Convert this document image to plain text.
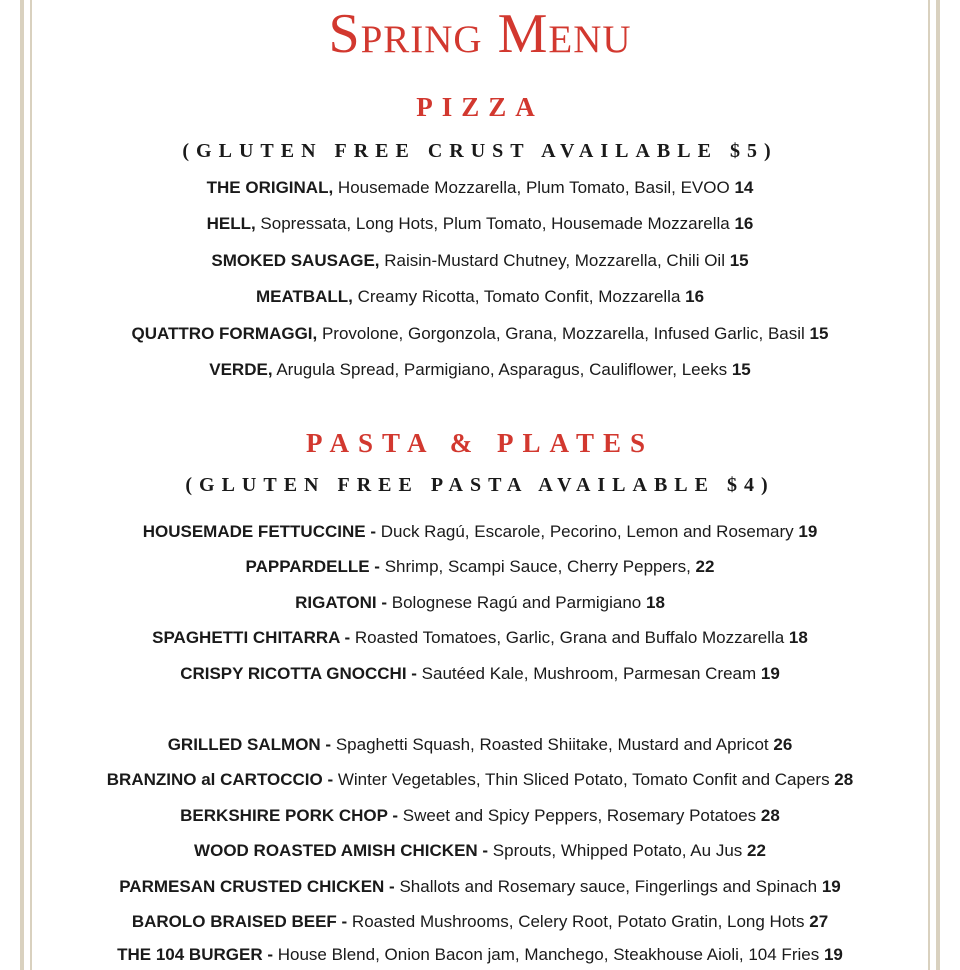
Spring Menu
PIZZA
(GLUTEN FREE CRUST AVAILABLE $5)
THE ORIGINAL, Housemade Mozzarella, Plum Tomato, Basil, EVOO 14
HELL, Sopressata, Long Hots, Plum Tomato, Housemade Mozzarella 16
SMOKED SAUSAGE, Raisin-Mustard Chutney, Mozzarella, Chili Oil 15
MEATBALL, Creamy Ricotta, Tomato Confit, Mozzarella 16
QUATTRO FORMAGGI, Provolone, Gorgonzola, Grana, Mozzarella, Infused Garlic, Basil 15
VERDE, Arugula Spread, Parmigiano, Asparagus, Cauliflower, Leeks 15
PASTA & PLATES
(GLUTEN FREE PASTA AVAILABLE $4)
HOUSEMADE FETTUCCINE - Duck Ragú, Escarole, Pecorino, Lemon and Rosemary 19
PAPPARDELLE - Shrimp, Scampi Sauce, Cherry Peppers, 22
RIGATONI - Bolognese Ragú and Parmigiano 18
SPAGHETTI CHITARRA - Roasted Tomatoes, Garlic, Grana and Buffalo Mozzarella 18
CRISPY RICOTTA GNOCCHI - Sautéed Kale, Mushroom, Parmesan Cream 19
GRILLED SALMON - Spaghetti Squash, Roasted Shiitake, Mustard and Apricot 26
BRANZINO al CARTOCCIO - Winter Vegetables, Thin Sliced Potato, Tomato Confit and Capers 28
BERKSHIRE PORK CHOP - Sweet and Spicy Peppers, Rosemary Potatoes 28
WOOD ROASTED AMISH CHICKEN - Sprouts, Whipped Potato, Au Jus 22
PARMESAN CRUSTED CHICKEN - Shallots and Rosemary sauce, Fingerlings and Spinach 19
BAROLO BRAISED BEEF - Roasted Mushrooms, Celery Root, Potato Gratin, Long Hots 27
THE 104 BURGER - House Blend, Onion Bacon jam, Manchego, Steakhouse Aioli, 104 Fries 19
